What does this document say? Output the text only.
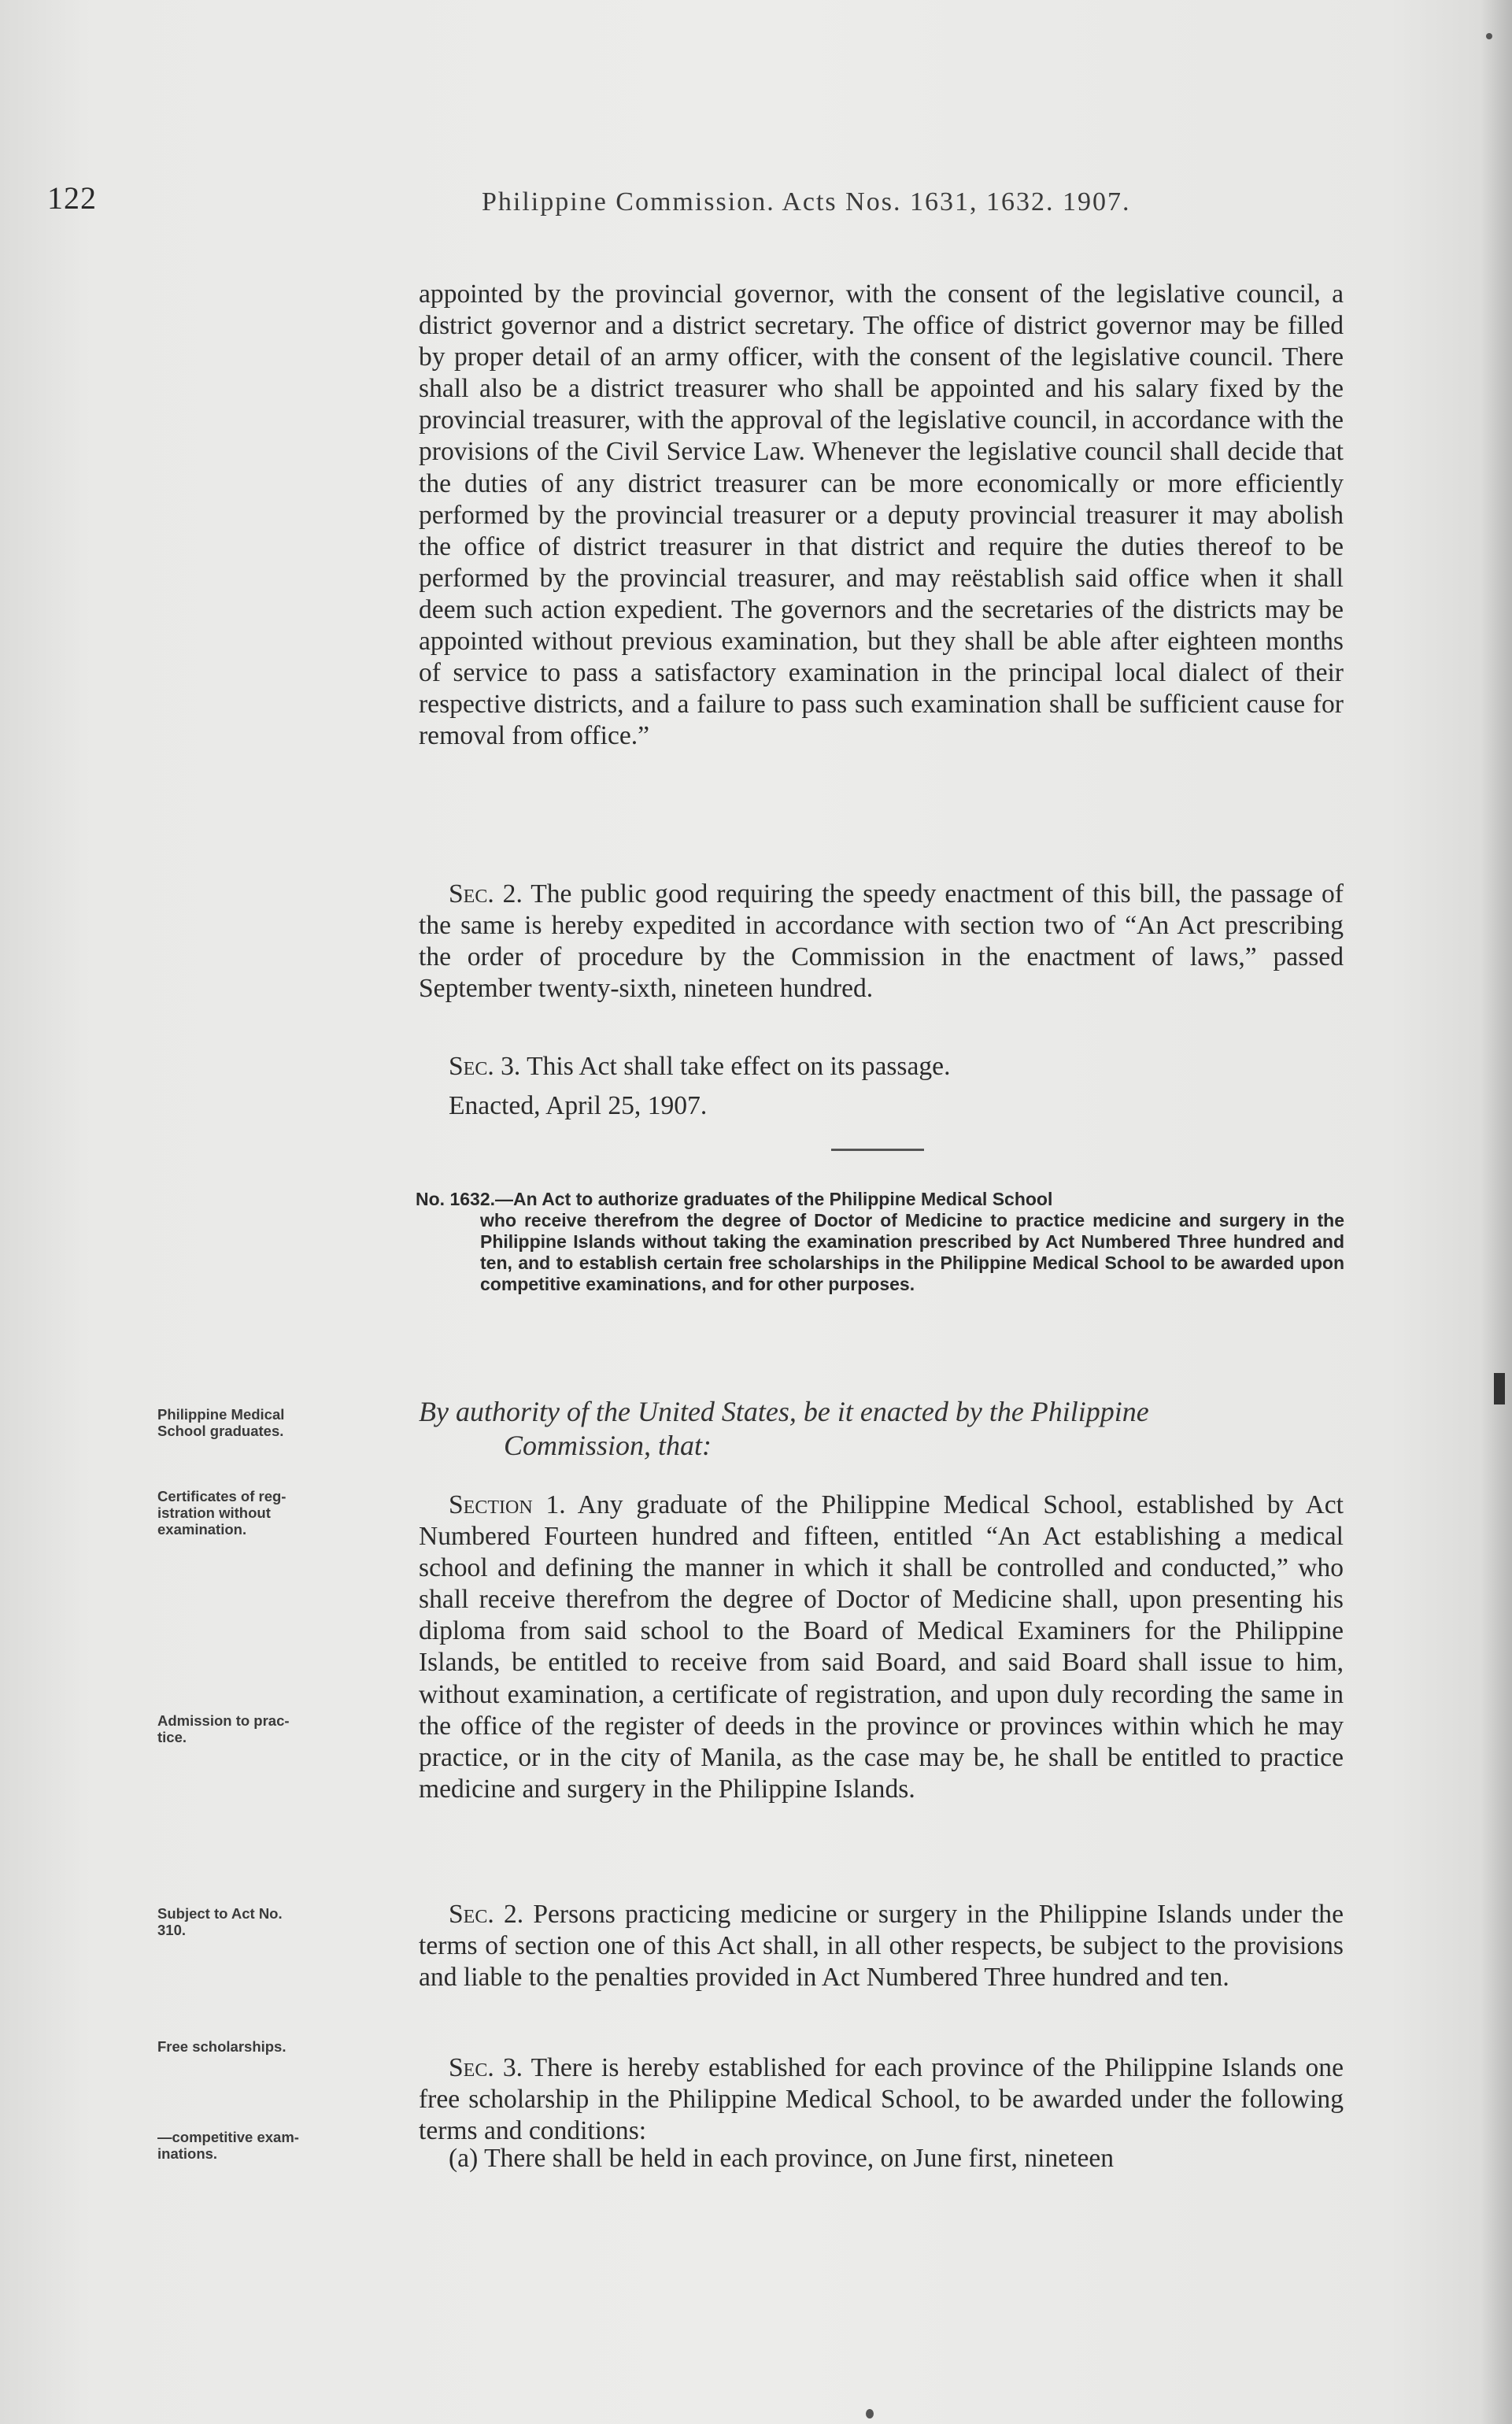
122	Philippine Commission. Acts Nos. 1631, 1632. 1907.

appointed by the provincial governor, with the consent of the legislative council, a district governor and a district secretary. The office of district governor may be filled by proper detail of an army officer, with the consent of the legislative council. There shall also be a district treasurer who shall be appointed and his salary fixed by the provincial treasurer, with the approval of the legislative council, in accordance with the provisions of the Civil Service Law. Whenever the legislative council shall decide that the duties of any district treasurer can be more economically or more efficiently performed by the provincial treasurer or a deputy provincial treasurer it may abolish the office of district treasurer in that district and require the duties thereof to be performed by the provincial treasurer, and may reëstablish said office when it shall deem such action expedient. The governors and the secretaries of the districts may be appointed without previous examination, but they shall be able after eighteen months of service to pass a satisfactory examination in the principal local dialect of their respective districts, and a failure to pass such examination shall be sufficient cause for removal from office.”

Sec. 2. The public good requiring the speedy enactment of this bill, the passage of the same is hereby expedited in accordance with section two of “An Act prescribing the order of procedure by the Commission in the enactment of laws,” passed September twenty-sixth, nineteen hundred.

Sec. 3. This Act shall take effect on its passage.

Enacted, April 25, 1907.

No. 1632.—An Act to authorize graduates of the Philippine Medical School
who receive therefrom the degree of Doctor of Medicine to practice medicine and surgery in the Philippine Islands without taking the examination prescribed by Act Numbered Three hundred and ten, and to establish certain free scholarships in the Philippine Medical School to be awarded upon competitive examinations, and for other purposes.
By authority of the United States, be it enacted by the Philippine
Commission, that:

Section 1. Any graduate of the Philippine Medical School, established by Act Numbered Fourteen hundred and fifteen, entitled “An Act establishing a medical school and defining the manner in which it shall be controlled and conducted,” who shall receive therefrom the degree of Doctor of Medicine shall, upon presenting his diploma from said school to the Board of Medical Examiners for the Philippine Islands, be entitled to receive from said Board, and said Board shall issue to him, without examination, a certificate of registration, and upon duly recording the same in the office of the register of deeds in the province or provinces within which he may practice, or in the city of Manila, as the case may be, he shall be entitled to practice medicine and surgery in the Philippine Islands.

Sec. 2. Persons practicing medicine or surgery in the Philippine Islands under the terms of section one of this Act shall, in all other respects, be subject to the provisions and liable to the penalties provided in Act Numbered Three hundred and ten.

Sec. 3. There is hereby established for each province of the Philippine Islands one free scholarship in the Philippine Medical School, to be awarded under the following terms and conditions:

(a) There shall be held in each province, on June first, nineteen

Philippine Medical
School graduates.
Certificates of reg-
istration without
examination.
Admission to prac-
tice.
Subject to Act No.
310.
Free scholarships.
—competitive exam-
inations.
